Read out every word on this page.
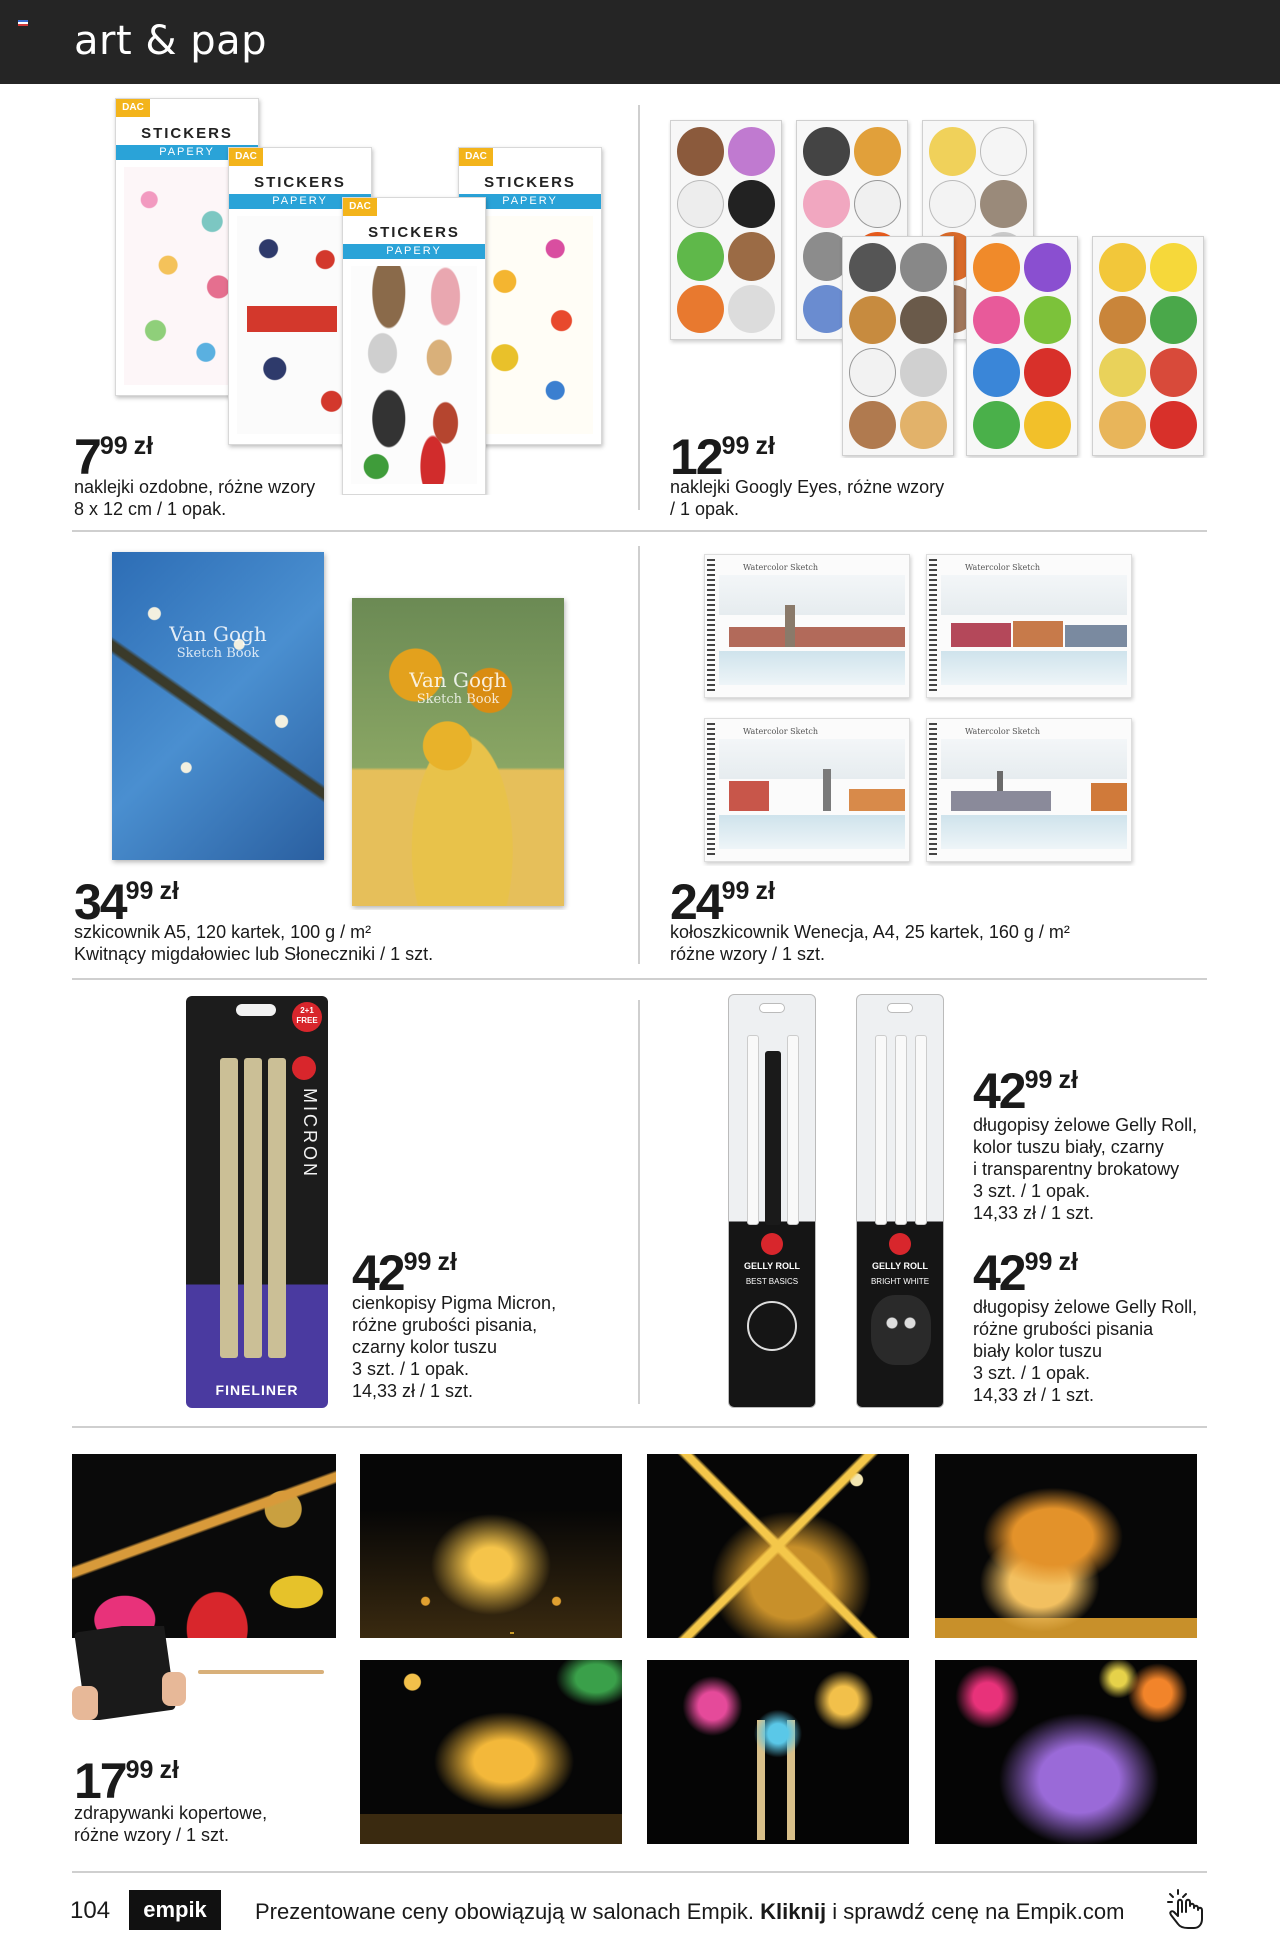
art & pap
DAC
STICKERS
PAPERY	DAC
STICKERS
PAPERY
DAC
STICKERS
PAPERY	DAC
STICKERS
PAPERY
799 zł
naklejki ozdobne, różne wzory
8 x 12 cm / 1 opak.
1299 zł
naklejki Googly Eyes, różne wzory
/ 1 opak.
Van Gogh
Sketch Book
Van Gogh
Sketch Book
3499 zł
szkicownik A5, 120 kartek, 100 g / m²
Kwitnący migdałowiec lub Słoneczniki / 1 szt.
Watercolor Sketch	Watercolor Sketch
Watercolor Sketch	Watercolor Sketch
2499 zł
kołoszkicownik Wenecja, A4, 25 kartek, 160 g / m²
różne wzory / 1 szt.
2+1 FREE
MICRON
FINELINER
4299 zł
cienkopisy Pigma Micron,
różne grubości pisania,
czarny kolor tuszu
3 szt. / 1 opak.
14,33 zł / 1 szt.
GELLY ROLL
BEST BASICS
GELLY ROLL
BRIGHT WHITE
4299 zł
długopisy żelowe Gelly Roll,
kolor tuszu biały, czarny
i transparentny brokatowy
3 szt. / 1 opak.
14,33 zł / 1 szt.
4299 zł
długopisy żelowe Gelly Roll,
różne grubości pisania
biały kolor tuszu
3 szt. / 1 opak.
14,33 zł / 1 szt.
1799 zł
zdrapywanki kopertowe,
różne wzory / 1 szt.
104	empik	Prezentowane ceny obowiązują w salonach Empik. Kliknij i sprawdź cenę na Empik.com
